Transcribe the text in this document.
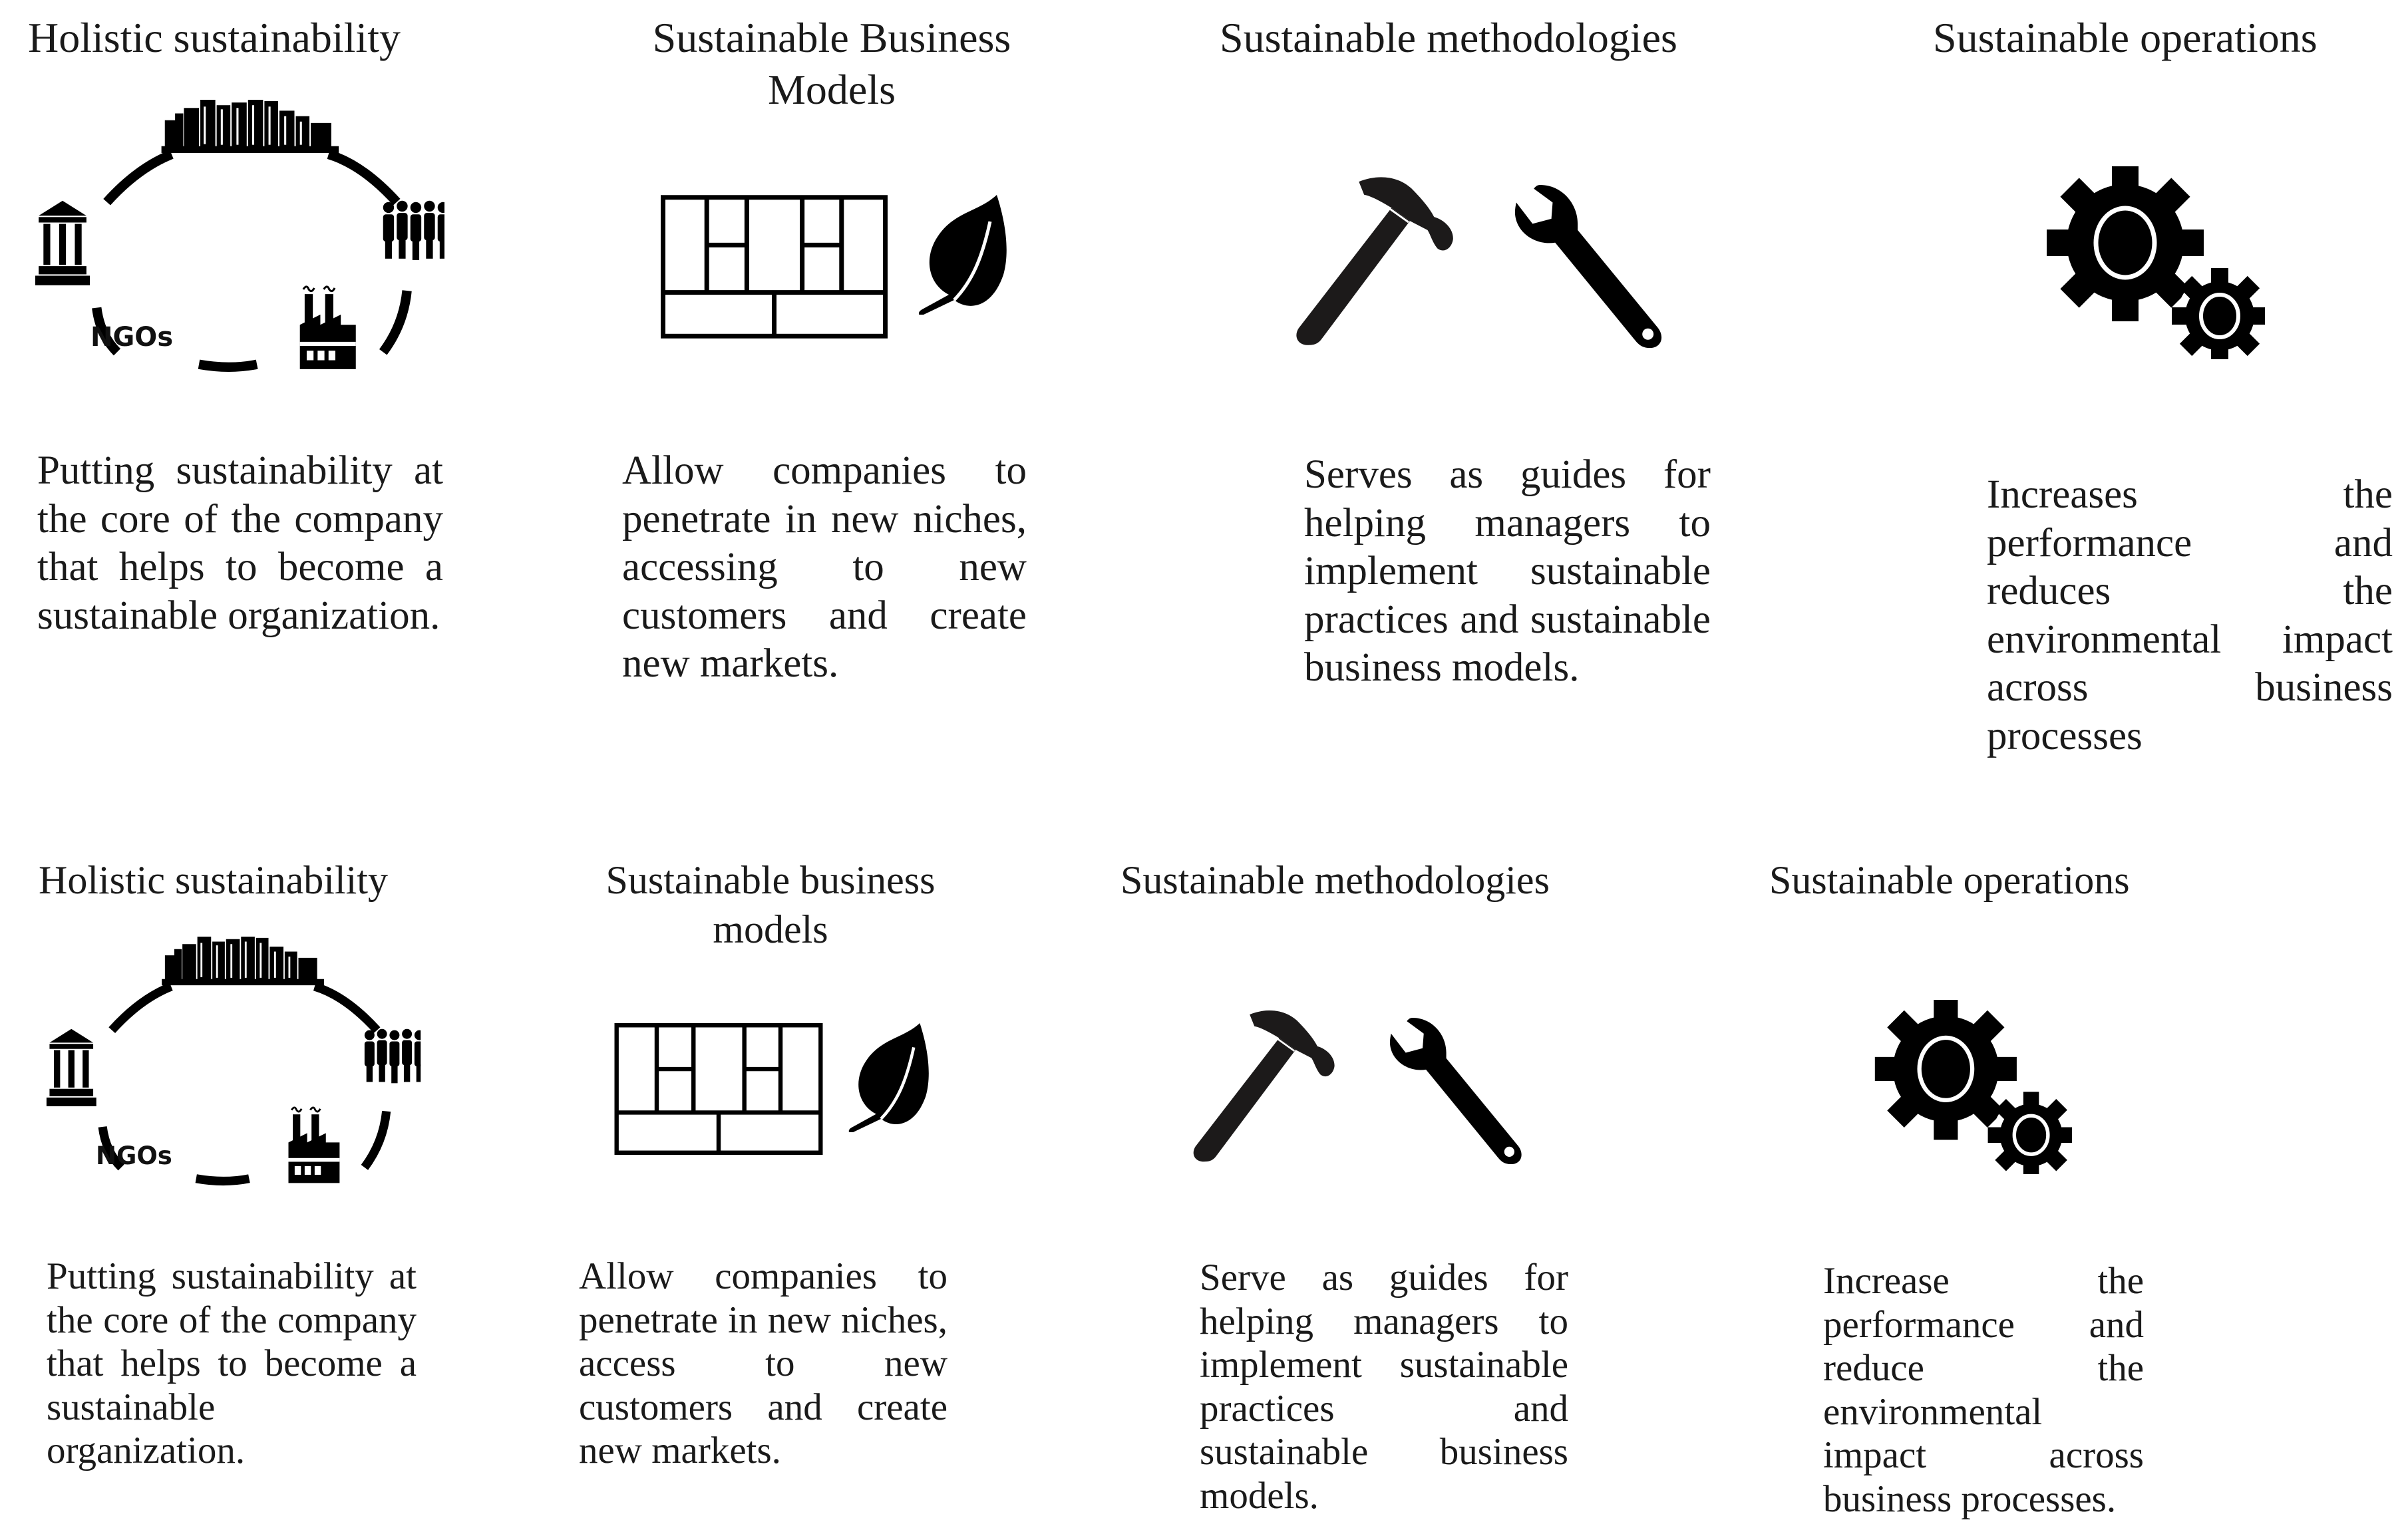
Holistic sustainability
NGOs
Putting sustainability at the core of the company that helps to become a sustainable organization.
Sustainable Business Models
Allow companies to penetrate in new niches, accessing to new customers and create new markets.
Sustainable methodologies
Serves as guides for helping managers to implement sustainable practices and sustainable business models.
Sustainable operations
Increases the performance and reduces the environmental impact across business processes
Holistic sustainability
NGOs
Putting sustainability at the core of the company that helps to become a sustainable organization.
Sustainable business models
Allow companies to penetrate in new niches, access to new customers and create new markets.
Sustainable methodologies
Serve as guides for helping managers to implement sustainable practices and sustainable business models.
Sustainable operations
Increase the performance and reduce the environmental impact across business processes.
